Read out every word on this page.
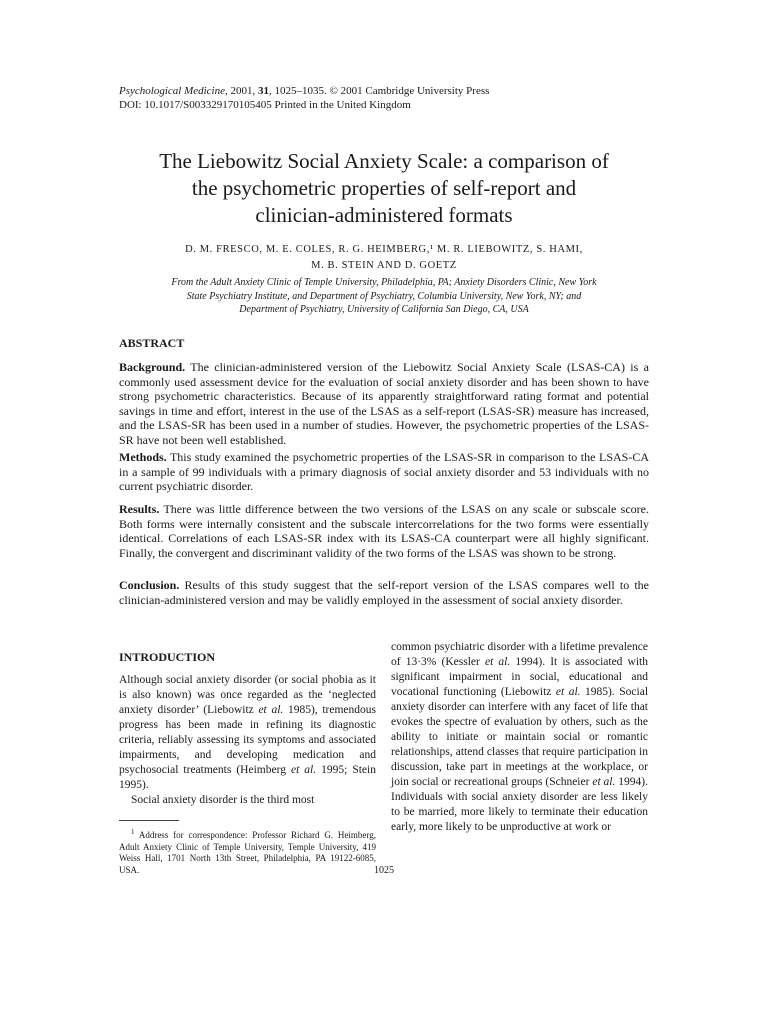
Psychological Medicine, 2001, 31, 1025–1035. © 2001 Cambridge University Press
DOI: 10.1017/S003329170105405 Printed in the United Kingdom
The Liebowitz Social Anxiety Scale: a comparison of
the psychometric properties of self-report and
clinician-administered formats
D. M. FRESCO, M. E. COLES, R. G. HEIMBERG,¹ M. R. LIEBOWITZ, S. HAMI,
M. B. STEIN AND D. GOETZ
From the Adult Anxiety Clinic of Temple University, Philadelphia, PA; Anxiety Disorders Clinic, New York
State Psychiatry Institute, and Department of Psychiatry, Columbia University, New York, NY; and
Department of Psychiatry, University of California San Diego, CA, USA
ABSTRACT

Background. The clinician-administered version of the Liebowitz Social Anxiety Scale (LSAS-CA) is a commonly used assessment device for the evaluation of social anxiety disorder and has been shown to have strong psychometric characteristics. Because of its apparently straightforward rating format and potential savings in time and effort, interest in the use of the LSAS as a self-report (LSAS-SR) measure has increased, and the LSAS-SR has been used in a number of studies. However, the psychometric properties of the LSAS-SR have not been well established.

Methods. This study examined the psychometric properties of the LSAS-SR in comparison to the LSAS-CA in a sample of 99 individuals with a primary diagnosis of social anxiety disorder and 53 individuals with no current psychiatric disorder.

Results. There was little difference between the two versions of the LSAS on any scale or subscale score. Both forms were internally consistent and the subscale intercorrelations for the two forms were essentially identical. Correlations of each LSAS-SR index with its LSAS-CA counterpart were all highly significant. Finally, the convergent and discriminant validity of the two forms of the LSAS was shown to be strong.

Conclusion. Results of this study suggest that the self-report version of the LSAS compares well to the clinician-administered version and may be validly employed in the assessment of social anxiety disorder.

INTRODUCTION

Although social anxiety disorder (or social phobia as it is also known) was once regarded as the ‘neglected anxiety disorder’ (Liebowitz et al. 1985), tremendous progress has been made in refining its diagnostic criteria, reliably assessing its symptoms and associated impairments, and developing medication and psychosocial treatments (Heimberg et al. 1995; Stein 1995).

Social anxiety disorder is the third most

$^1$ Address for correspondence: Professor Richard G. Heimberg, Adult Anxiety Clinic of Temple University, Temple University, 419 Weiss Hall, 1701 North 13th Street, Philadelphia, PA 19122-6085, USA.

common psychiatric disorder with a lifetime prevalence of 13·3% (Kessler et al. 1994). It is associated with significant impairment in social, educational and vocational functioning (Liebowitz et al. 1985). Social anxiety disorder can interfere with any facet of life that evokes the spectre of evaluation by others, such as the ability to initiate or maintain social or romantic relationships, attend classes that require participation in discussion, take part in meetings at the workplace, or join social or recreational groups (Schneier et al. 1994). Individuals with social anxiety disorder are less likely to be married, more likely to terminate their education early, more likely to be unproductive at work or

1025
